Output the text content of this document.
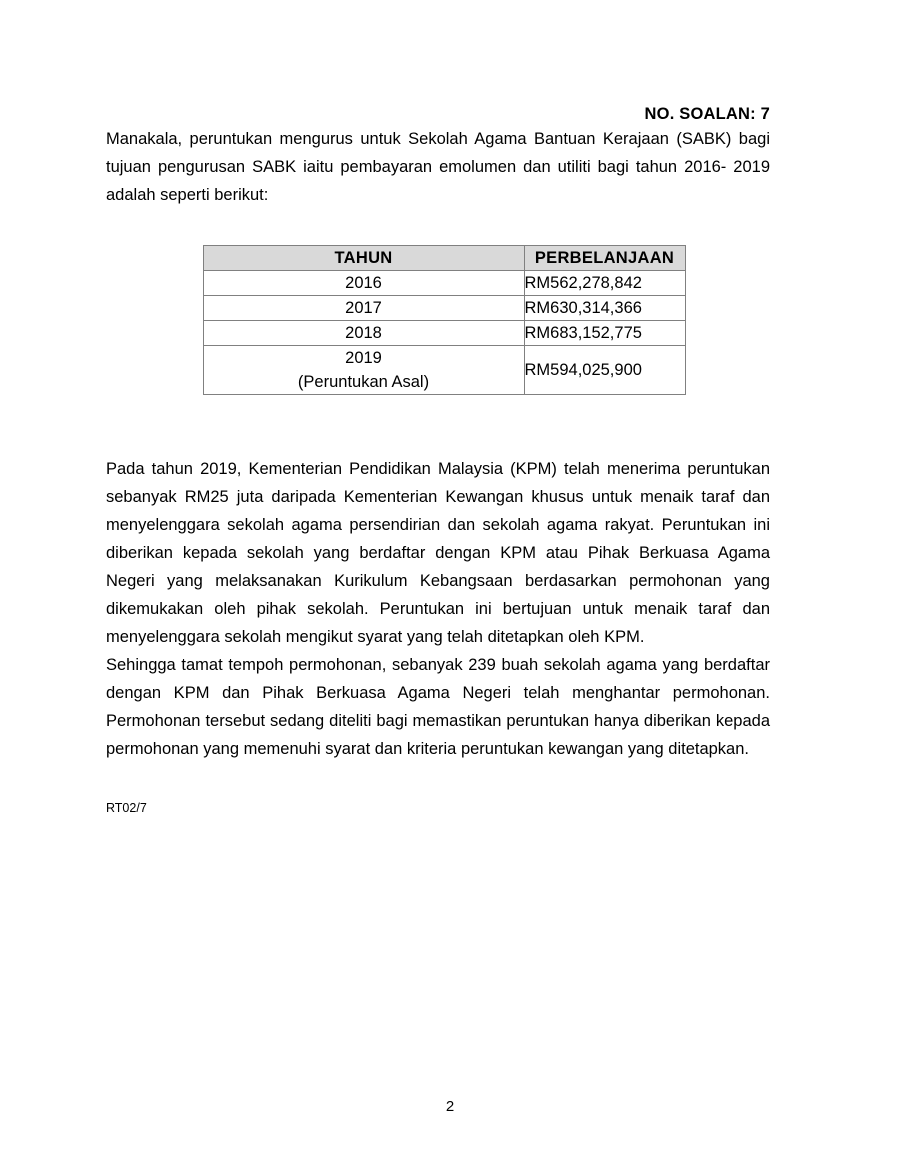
NO. SOALAN: 7

Manakala, peruntukan mengurus untuk Sekolah Agama Bantuan Kerajaan (SABK) bagi tujuan pengurusan SABK iaitu pembayaran emolumen dan utiliti bagi tahun 2016- 2019 adalah seperti berikut:

TAHUN	PERBELANJAAN
2016	RM562,278,842
2017	RM630,314,366
2018	RM683,152,775
2019
(Peruntukan Asal)	RM594,025,900

Pada tahun 2019, Kementerian Pendidikan Malaysia (KPM) telah menerima peruntukan sebanyak RM25 juta daripada Kementerian Kewangan khusus untuk menaik taraf dan menyelenggara sekolah agama persendirian dan sekolah agama rakyat. Peruntukan ini diberikan kepada sekolah yang berdaftar dengan KPM atau Pihak Berkuasa Agama Negeri yang melaksanakan Kurikulum Kebangsaan berdasarkan permohonan yang dikemukakan oleh pihak sekolah. Peruntukan ini bertujuan untuk menaik taraf dan menyelenggara sekolah mengikut syarat yang telah ditetapkan oleh KPM.

Sehingga tamat tempoh permohonan, sebanyak 239 buah sekolah agama yang berdaftar dengan KPM dan Pihak Berkuasa Agama Negeri telah menghantar permohonan. Permohonan tersebut sedang diteliti bagi memastikan peruntukan hanya diberikan kepada permohonan yang memenuhi syarat dan kriteria peruntukan kewangan yang ditetapkan.

RT02/7
2
